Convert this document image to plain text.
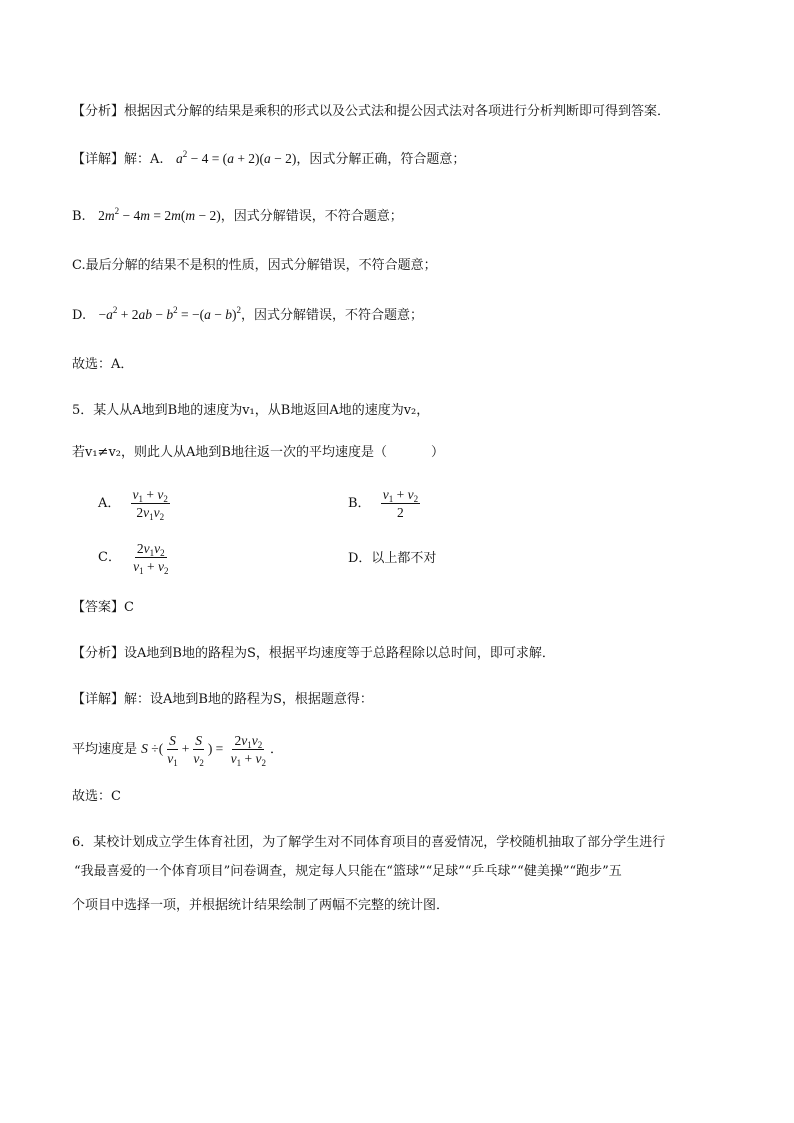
【分析】根据因式分解的结果是乘积的形式以及公式法和提公因式法对各项进行分析判断即可得到答案．
【详解】解：A. $a^2 - 4 = (a + 2)(a - 2)$，因式分解正确，符合题意；
B. $2m^2 - 4m = 2m(m - 2)$，因式分解错误，不符合题意；
C.最后分解的结果不是积的性质，因式分解错误，不符合题意；
D. $-a^2 + 2ab - b^2 = -(a - b)^2$，因式分解错误，不符合题意；
故选：A．
5．某人从A地到B地的速度为v₁，从B地返回A地的速度为v₂，
若v₁≠v₂，则此人从A地到B地往返一次的平均速度是（	）
A． $\frac{v_1 + v_2}{2v_1v_2}$	B． $\frac{v_1 + v_2}{2}$
C． $\frac{2v_1v_2}{v_1 + v_2}$	D．以上都不对
【答案】C
【分析】设A地到B地的路程为S，根据平均速度等于总路程除以总时间，即可求解．
【详解】解：设A地到B地的路程为S，根据题意得：
平均速度是 S ÷( $\frac{S}{v_1} + \frac{S}{v_2}$ ) = $\frac{2v_1v_2}{v_1 + v_2}$ ．
故选：C
6．某校计划成立学生体育社团，为了解学生对不同体育项目的喜爱情况，学校随机抽取了部分学生进行
“我最喜爱的一个体育项目”问卷调查，规定每人只能在“篮球”“足球”“乒乓球”“健美操”“跑步”五
个项目中选择一项，并根据统计结果绘制了两幅不完整的统计图．
